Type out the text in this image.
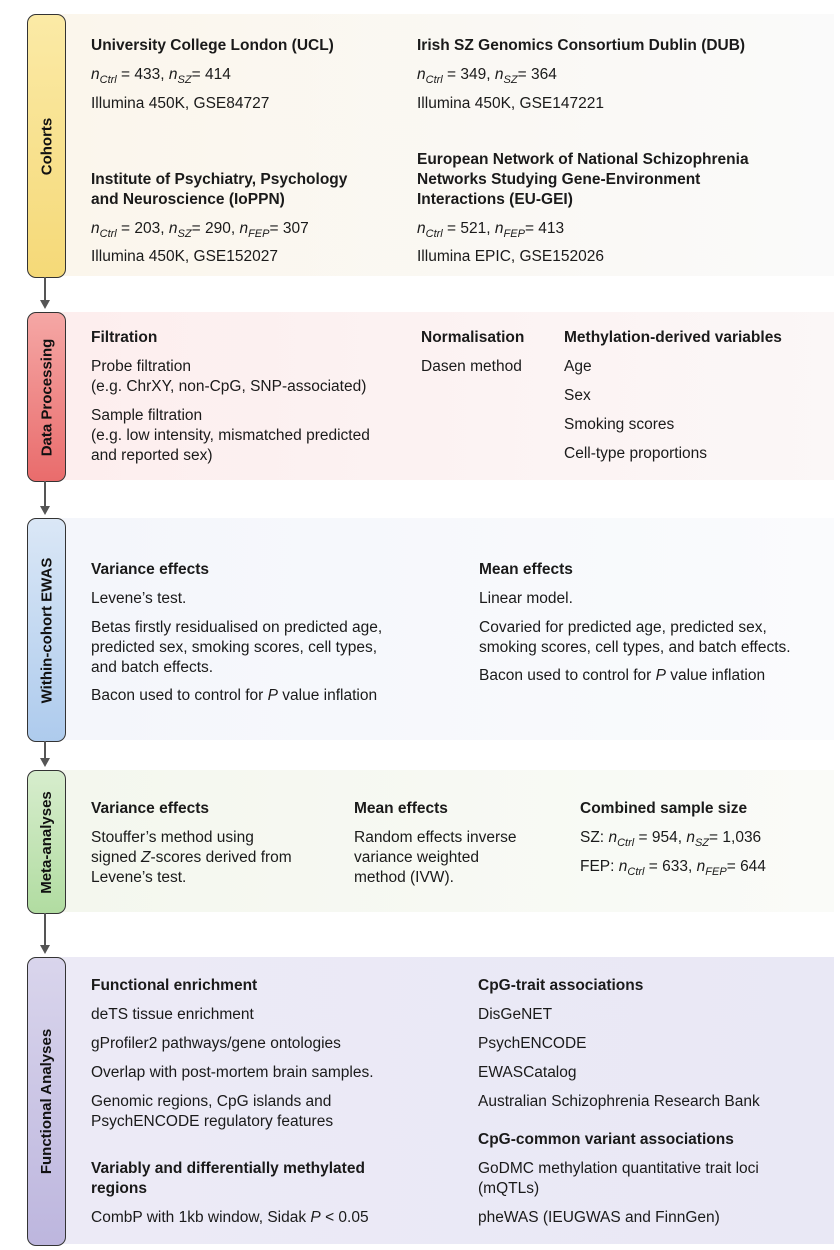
Cohorts
Data Processing
Within-cohort EWAS
Meta-analyses
Functional Analyses
University College London (UCL)
$n_{Ctrl} = 433$, $n_{SZ}= 414$
Illumina 450K, GSE84727
Irish SZ Genomics Consortium Dublin (DUB)
$n_{Ctrl} = 349$, $n_{SZ}= 364$
Illumina 450K, GSE147221
Institute of Psychiatry, Psychology
and Neuroscience (IoPPN)
$n_{Ctrl} = 203$, $n_{SZ}= 290$, $n_{FEP}= 307$
Illumina 450K, GSE152027
European Network of National Schizophrenia
Networks Studying Gene-Environment
Interactions (EU-GEI)
$n_{Ctrl} = 521$, $n_{FEP}= 413$
Illumina EPIC, GSE152026
Filtration
Probe filtration
(e.g. ChrXY, non-CpG, SNP-associated)
Sample filtration
(e.g. low intensity, mismatched predicted
and reported sex)
Normalisation
Dasen method
Methylation-derived variables
Age
Sex
Smoking scores
Cell-type proportions
Variance effects
Levene’s test.
Betas firstly residualised on predicted age,
predicted sex, smoking scores, cell types,
and batch effects.
Bacon used to control for P value inflation
Mean effects
Linear model.
Covaried for predicted age, predicted sex,
smoking scores, cell types, and batch effects.
Bacon used to control for P value inflation
Variance effects
Stouffer’s method using
signed Z-scores derived from
Levene’s test.
Mean effects
Random effects inverse
variance weighted
method (IVW).
Combined sample size
SZ: $n_{Ctrl} = 954$, $n_{SZ}= 1,036$
FEP: $n_{Ctrl} = 633$, $n_{FEP}= 644$
Functional enrichment
deTS tissue enrichment
gProfiler2 pathways/gene ontologies
Overlap with post-mortem brain samples.
Genomic regions, CpG islands and
PsychENCODE regulatory features
Variably and differentially methylated
regions
CombP with 1kb window, Sidak P < 0.05
CpG-trait associations
DisGeNET
PsychENCODE
EWASCatalog
Australian Schizophrenia Research Bank
CpG-common variant associations
GoDMC methylation quantitative trait loci
(mQTLs)
pheWAS (IEUGWAS and FinnGen)
